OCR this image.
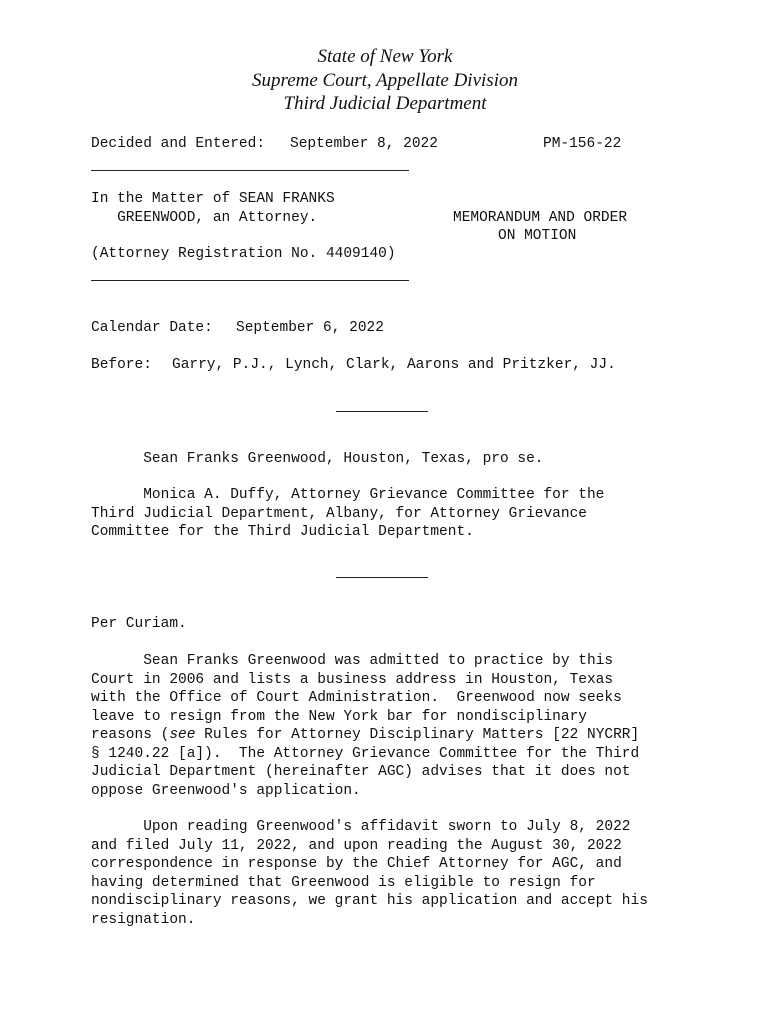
State of New York
Supreme Court, Appellate Division
Third Judicial Department
Decided and Entered: September 8, 2022	PM-156-22
In the Matter of SEAN FRANKS
GREENWOOD, an Attorney.
(Attorney Registration No. 4409140)
MEMORANDUM AND ORDER
ON MOTION
Calendar Date: September 6, 2022
Before: Garry, P.J., Lynch, Clark, Aarons and Pritzker, JJ.
Sean Franks Greenwood, Houston, Texas, pro se.
Monica A. Duffy, Attorney Grievance Committee for the
Third Judicial Department, Albany, for Attorney Grievance
Committee for the Third Judicial Department.
Per Curiam.
Sean Franks Greenwood was admitted to practice by this
Court in 2006 and lists a business address in Houston, Texas
with the Office of Court Administration.  Greenwood now seeks
leave to resign from the New York bar for nondisciplinary
reasons (see Rules for Attorney Disciplinary Matters [22 NYCRR]
§ 1240.22 [a]).  The Attorney Grievance Committee for the Third
Judicial Department (hereinafter AGC) advises that it does not
oppose Greenwood's application.
Upon reading Greenwood's affidavit sworn to July 8, 2022
and filed July 11, 2022, and upon reading the August 30, 2022
correspondence in response by the Chief Attorney for AGC, and
having determined that Greenwood is eligible to resign for
nondisciplinary reasons, we grant his application and accept his
resignation.
